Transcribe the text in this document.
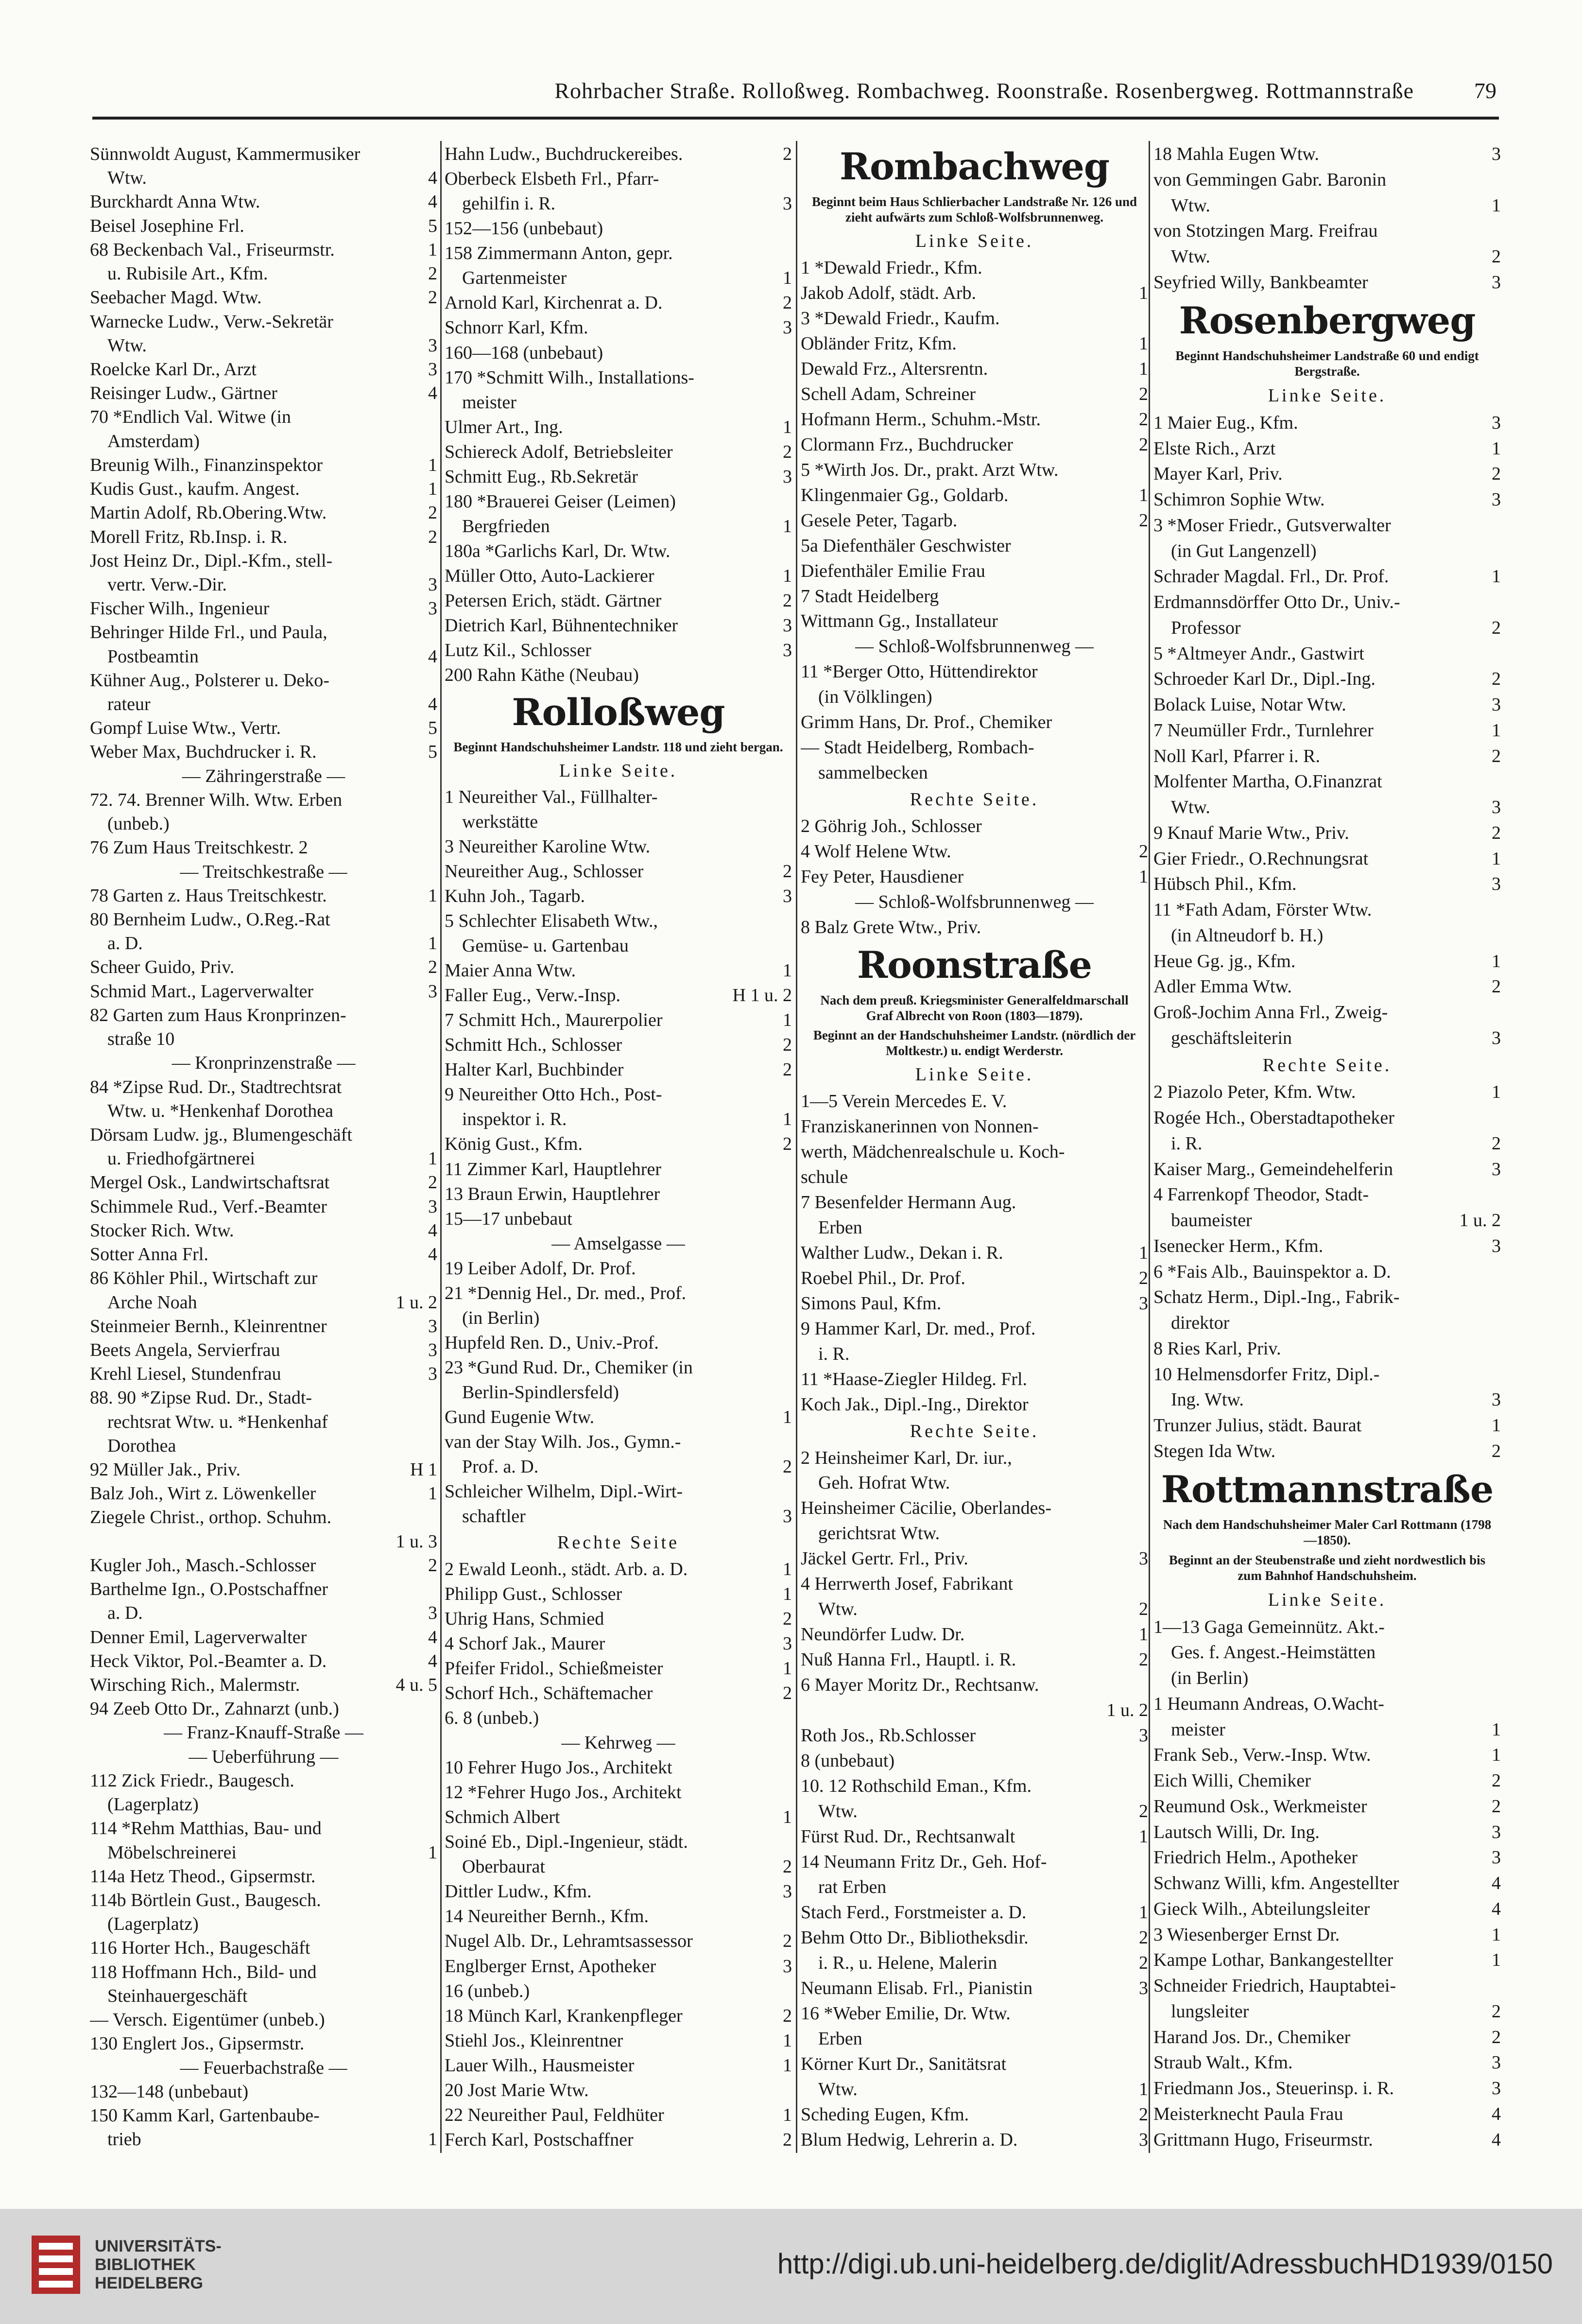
Rohrbacher Straße. Rolloßweg. Rombachweg. Roonstraße. Rosenbergweg. Rottmannstraße	79
Sünnwoldt August, Kammermusiker
Wtw.	4
Burckhardt Anna Wtw.	4
Beisel Josephine Frl.	5
68 Beckenbach Val., Friseurmstr.	1
u. Rubisile Art., Kfm.	2
Seebacher Magd. Wtw.	2
Warnecke Ludw., Verw.-Sekretär
Wtw.	3
Roelcke Karl Dr., Arzt	3
Reisinger Ludw., Gärtner	4
70 *Endlich Val. Witwe (in
Amsterdam)
Breunig Wilh., Finanzinspektor	1
Kudis Gust., kaufm. Angest.	1
Martin Adolf, Rb.Obering.Wtw.	2
Morell Fritz, Rb.Insp. i. R.	2
Jost Heinz Dr., Dipl.-Kfm., stell-
vertr. Verw.-Dir.	3
Fischer Wilh., Ingenieur	3
Behringer Hilde Frl., und Paula,
Postbeamtin	4
Kühner Aug., Polsterer u. Deko-
rateur	4
Gompf Luise Wtw., Vertr.	5
Weber Max, Buchdrucker i. R.	5
— Zähringerstraße —
72. 74. Brenner Wilh. Wtw. Erben
(unbeb.)
76 Zum Haus Treitschkestr. 2
— Treitschkestraße —
78 Garten z. Haus Treitschkestr.	1
80 Bernheim Ludw., O.Reg.-Rat
a. D.	1
Scheer Guido, Priv.	2
Schmid Mart., Lagerverwalter	3
82 Garten zum Haus Kronprinzen-
straße 10
— Kronprinzenstraße —
84 *Zipse Rud. Dr., Stadtrechtsrat
Wtw. u. *Henkenhaf Dorothea
Dörsam Ludw. jg., Blumengeschäft
u. Friedhofgärtnerei	1
Mergel Osk., Landwirtschaftsrat	2
Schimmele Rud., Verf.-Beamter	3
Stocker Rich. Wtw.	4
Sotter Anna Frl.	4
86 Köhler Phil., Wirtschaft zur
Arche Noah	1 u. 2
Steinmeier Bernh., Kleinrentner	3
Beets Angela, Servierfrau	3
Krehl Liesel, Stundenfrau	3
88. 90 *Zipse Rud. Dr., Stadt-
rechtsrat Wtw. u. *Henkenhaf
Dorothea
92 Müller Jak., Priv.	H 1
Balz Joh., Wirt z. Löwenkeller	1
Ziegele Christ., orthop. Schuhm.
1 u. 3
Kugler Joh., Masch.-Schlosser	2
Barthelme Ign., O.Postschaffner
a. D.	3
Denner Emil, Lagerverwalter	4
Heck Viktor, Pol.-Beamter a. D.	4
Wirsching Rich., Malermstr.	4 u. 5
94 Zeeb Otto Dr., Zahnarzt (unb.)
— Franz-Knauff-Straße —
— Ueberführung —
112 Zick Friedr., Baugesch.
(Lagerplatz)
114 *Rehm Matthias, Bau- und
Möbelschreinerei	1
114a Hetz Theod., Gipsermstr.
114b Börtlein Gust., Baugesch.
(Lagerplatz)
116 Horter Hch., Baugeschäft
118 Hoffmann Hch., Bild- und
Steinhauergeschäft
— Versch. Eigentümer (unbeb.)
130 Englert Jos., Gipsermstr.
— Feuerbachstraße —
132—148 (unbebaut)
150 Kamm Karl, Gartenbaube-
trieb	1
Hahn Ludw., Buchdruckereibes.	2
Oberbeck Elsbeth Frl., Pfarr-
gehilfin i. R.	3
152—156 (unbebaut)
158 Zimmermann Anton, gepr.
Gartenmeister	1
Arnold Karl, Kirchenrat a. D.	2
Schnorr Karl, Kfm.	3
160—168 (unbebaut)
170 *Schmitt Wilh., Installations-
meister
Ulmer Art., Ing.	1
Schiereck Adolf, Betriebsleiter	2
Schmitt Eug., Rb.Sekretär	3
180 *Brauerei Geiser (Leimen)
Bergfrieden	1
180a *Garlichs Karl, Dr. Wtw.
Müller Otto, Auto-Lackierer	1
Petersen Erich, städt. Gärtner	2
Dietrich Karl, Bühnentechniker	3
Lutz Kil., Schlosser	3
200 Rahn Käthe (Neubau)
Rolloßweg
Beginnt Handschuhsheimer Landstr. 118 und zieht bergan.
Linke Seite.
1 Neureither Val., Füllhalter-
werkstätte
3 Neureither Karoline Wtw.
Neureither Aug., Schlosser	2
Kuhn Joh., Tagarb.	3
5 Schlechter Elisabeth Wtw.,
Gemüse- u. Gartenbau
Maier Anna Wtw.	1
Faller Eug., Verw.-Insp.	H 1 u. 2
7 Schmitt Hch., Maurerpolier	1
Schmitt Hch., Schlosser	2
Halter Karl, Buchbinder	2
9 Neureither Otto Hch., Post-
inspektor i. R.	1
König Gust., Kfm.	2
11 Zimmer Karl, Hauptlehrer
13 Braun Erwin, Hauptlehrer
15—17 unbebaut
— Amselgasse —
19 Leiber Adolf, Dr. Prof.
21 *Dennig Hel., Dr. med., Prof.
(in Berlin)
Hupfeld Ren. D., Univ.-Prof.
23 *Gund Rud. Dr., Chemiker (in
Berlin-Spindlersfeld)
Gund Eugenie Wtw.	1
van der Stay Wilh. Jos., Gymn.-
Prof. a. D.	2
Schleicher Wilhelm, Dipl.-Wirt-
schaftler	3
Rechte Seite
2 Ewald Leonh., städt. Arb. a. D.	1
Philipp Gust., Schlosser	1
Uhrig Hans, Schmied	2
4 Schorf Jak., Maurer	3
Pfeifer Fridol., Schießmeister	1
Schorf Hch., Schäftemacher	2
6. 8 (unbeb.)
— Kehrweg —
10 Fehrer Hugo Jos., Architekt
12 *Fehrer Hugo Jos., Architekt
Schmich Albert	1
Soiné Eb., Dipl.-Ingenieur, städt.
Oberbaurat	2
Dittler Ludw., Kfm.	3
14 Neureither Bernh., Kfm.
Nugel Alb. Dr., Lehramtsassessor	2
Englberger Ernst, Apotheker	3
16 (unbeb.)
18 Münch Karl, Krankenpfleger	2
Stiehl Jos., Kleinrentner	1
Lauer Wilh., Hausmeister	1
20 Jost Marie Wtw.
22 Neureither Paul, Feldhüter	1
Ferch Karl, Postschaffner	2
Rombachweg
Beginnt beim Haus Schlierbacher Landstraße Nr. 126 und zieht aufwärts zum Schloß-Wolfsbrunnenweg.
Linke Seite.
1 *Dewald Friedr., Kfm.
Jakob Adolf, städt. Arb.	1
3 *Dewald Friedr., Kaufm.
Obländer Fritz, Kfm.	1
Dewald Frz., Altersrentn.	1
Schell Adam, Schreiner	2
Hofmann Herm., Schuhm.-Mstr.	2
Clormann Frz., Buchdrucker	2
5 *Wirth Jos. Dr., prakt. Arzt Wtw.
Klingenmaier Gg., Goldarb.	1
Gesele Peter, Tagarb.	2
5a Diefenthäler Geschwister
Diefenthäler Emilie Frau
7 Stadt Heidelberg
Wittmann Gg., Installateur
— Schloß-Wolfsbrunnenweg —
11 *Berger Otto, Hüttendirektor
(in Völklingen)
Grimm Hans, Dr. Prof., Chemiker
— Stadt Heidelberg, Rombach-
sammelbecken
Rechte Seite.
2 Göhrig Joh., Schlosser
4 Wolf Helene Wtw.	2
Fey Peter, Hausdiener	1
— Schloß-Wolfsbrunnenweg —
8 Balz Grete Wtw., Priv.
Roonstraße
Nach dem preuß. Kriegsminister Generalfeldmarschall Graf Albrecht von Roon (1803—1879).
Beginnt an der Handschuhsheimer Landstr. (nördlich der Moltkestr.) u. endigt Werderstr.
Linke Seite.
1—5 Verein Mercedes E. V.
Franziskanerinnen von Nonnen-
werth, Mädchenrealschule u. Koch-
schule
7 Besenfelder Hermann Aug.
Erben
Walther Ludw., Dekan i. R.	1
Roebel Phil., Dr. Prof.	2
Simons Paul, Kfm.	3
9 Hammer Karl, Dr. med., Prof.
i. R.
11 *Haase-Ziegler Hildeg. Frl.
Koch Jak., Dipl.-Ing., Direktor
Rechte Seite.
2 Heinsheimer Karl, Dr. iur.,
Geh. Hofrat Wtw.
Heinsheimer Cäcilie, Oberlandes-
gerichtsrat Wtw.
Jäckel Gertr. Frl., Priv.	3
4 Herrwerth Josef, Fabrikant
Wtw.	2
Neundörfer Ludw. Dr.	1
Nuß Hanna Frl., Hauptl. i. R.	2
6 Mayer Moritz Dr., Rechtsanw.
1 u. 2
Roth Jos., Rb.Schlosser	3
8 (unbebaut)
10. 12 Rothschild Eman., Kfm.
Wtw.	2
Fürst Rud. Dr., Rechtsanwalt	1
14 Neumann Fritz Dr., Geh. Hof-
rat Erben
Stach Ferd., Forstmeister a. D.	1
Behm Otto Dr., Bibliotheksdir.	2
i. R., u. Helene, Malerin	2
Neumann Elisab. Frl., Pianistin	3
16 *Weber Emilie, Dr. Wtw.
Erben
Körner Kurt Dr., Sanitätsrat
Wtw.	1
Scheding Eugen, Kfm.	2
Blum Hedwig, Lehrerin a. D.	3
18 Mahla Eugen Wtw.	3
von Gemmingen Gabr. Baronin
Wtw.	1
von Stotzingen Marg. Freifrau
Wtw.	2
Seyfried Willy, Bankbeamter	3
Rosenbergweg
Beginnt Handschuhsheimer Landstraße 60 und endigt Bergstraße.
Linke Seite.
1 Maier Eug., Kfm.	3
Elste Rich., Arzt	1
Mayer Karl, Priv.	2
Schimron Sophie Wtw.	3
3 *Moser Friedr., Gutsverwalter
(in Gut Langenzell)
Schrader Magdal. Frl., Dr. Prof.	1
Erdmannsdörffer Otto Dr., Univ.-
Professor	2
5 *Altmeyer Andr., Gastwirt
Schroeder Karl Dr., Dipl.-Ing.	2
Bolack Luise, Notar Wtw.	3
7 Neumüller Frdr., Turnlehrer	1
Noll Karl, Pfarrer i. R.	2
Molfenter Martha, O.Finanzrat
Wtw.	3
9 Knauf Marie Wtw., Priv.	2
Gier Friedr., O.Rechnungsrat	1
Hübsch Phil., Kfm.	3
11 *Fath Adam, Förster Wtw.
(in Altneudorf b. H.)
Heue Gg. jg., Kfm.	1
Adler Emma Wtw.	2
Groß-Jochim Anna Frl., Zweig-
geschäftsleiterin	3
Rechte Seite.
2 Piazolo Peter, Kfm. Wtw.	1
Rogée Hch., Oberstadtapotheker
i. R.	2
Kaiser Marg., Gemeindehelferin	3
4 Farrenkopf Theodor, Stadt-
baumeister	1 u. 2
Isenecker Herm., Kfm.	3
6 *Fais Alb., Bauinspektor a. D.
Schatz Herm., Dipl.-Ing., Fabrik-
direktor
8 Ries Karl, Priv.
10 Helmensdorfer Fritz, Dipl.-
Ing. Wtw.	3
Trunzer Julius, städt. Baurat	1
Stegen Ida Wtw.	2
Rottmannstraße
Nach dem Handschuhsheimer Maler Carl Rottmann (1798—1850).
Beginnt an der Steubenstraße und zieht nordwestlich bis zum Bahnhof Handschuhsheim.
Linke Seite.
1—13 Gaga Gemeinnütz. Akt.-
Ges. f. Angest.-Heimstätten
(in Berlin)
1 Heumann Andreas, O.Wacht-
meister	1
Frank Seb., Verw.-Insp. Wtw.	1
Eich Willi, Chemiker	2
Reumund Osk., Werkmeister	2
Lautsch Willi, Dr. Ing.	3
Friedrich Helm., Apotheker	3
Schwanz Willi, kfm. Angestellter	4
Gieck Wilh., Abteilungsleiter	4
3 Wiesenberger Ernst Dr.	1
Kampe Lothar, Bankangestellter	1
Schneider Friedrich, Hauptabtei-
lungsleiter	2
Harand Jos. Dr., Chemiker	2
Straub Walt., Kfm.	3
Friedmann Jos., Steuerinsp. i. R.	3
Meisterknecht Paula Frau	4
Grittmann Hugo, Friseurmstr.	4
UNIVERSITÄTS-
BIBLIOTHEK
HEIDELBERG
http://digi.ub.uni-heidelberg.de/diglit/AdressbuchHD1939/0150
